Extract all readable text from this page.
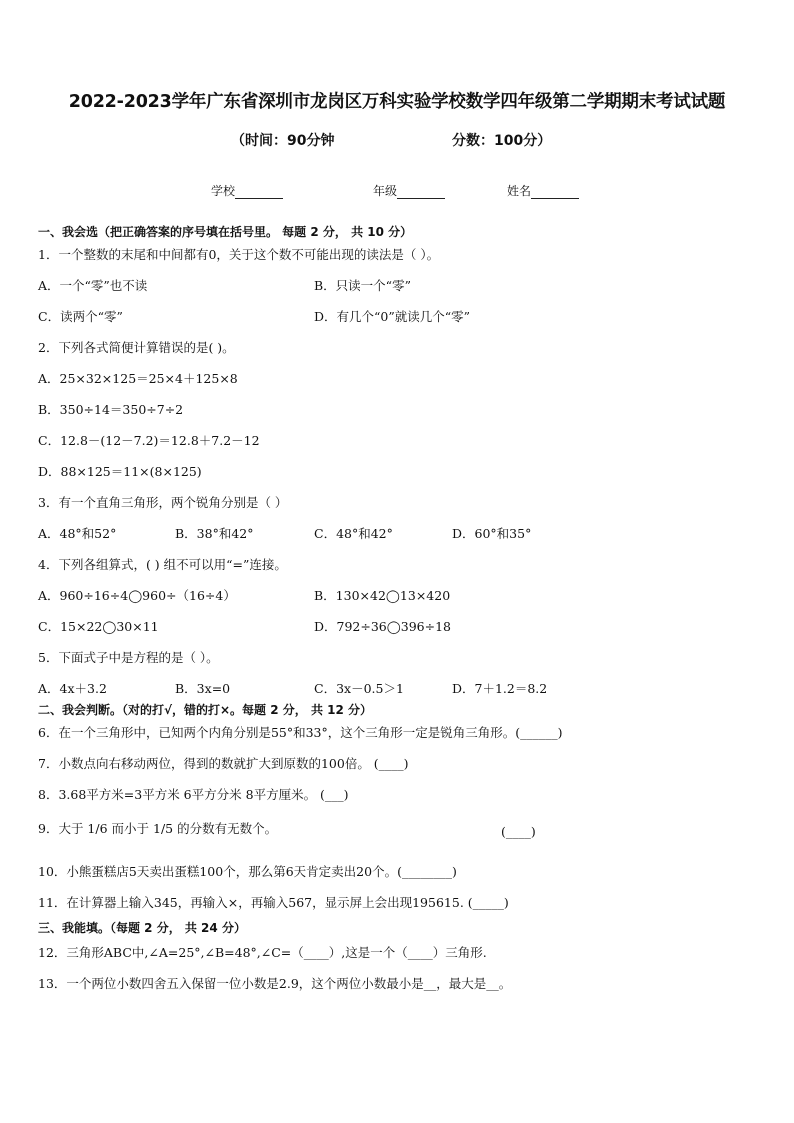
2022-2023学年广东省深圳市龙岗区万科实验学校数学四年级第二学期期末考试试题
（时间：90分钟	分数：100分）
学校	年级	姓名
一、我会选（把正确答案的序号填在括号里。 每题 2 分， 共 10 分）
1．一个整数的末尾和中间都有0，关于这个数不可能出现的读法是（ ）。
A．一个“零”也不读	B．只读一个“零”
C．读两个“零”	D．有几个“0”就读几个“零”
2．下列各式简便计算错误的是( )。
A．25×32×125＝25×4＋125×8
B．350÷14＝350÷7÷2
C．12.8－(12－7.2)＝12.8＋7.2－12
D．88×125＝11×(8×125)
3．有一个直角三角形，两个锐角分别是（ ）
A．48°和52°	B．38°和42°	C．48°和42°	D．60°和35°
4．下列各组算式，( ) 组不可以用“=”连接。
A．960÷16÷4◯960÷（16÷4）	B．130×42◯13×420
C．15×22◯30×11	D．792÷36◯396÷18
5．下面式子中是方程的是（ ）。
A．4x＋3.2	B．3x=0	C．3x－0.5＞1	D．7＋1.2＝8.2
二、我会判断。（对的打√，错的打×。每题 2 分， 共 12 分）
6．在一个三角形中，已知两个内角分别是55°和33°，这个三角形一定是锐角三角形。(______)
7．小数点向右移动两位，得到的数就扩大到原数的100倍。 (____)
8．3.68平方米=3平方米 6平方分米 8平方厘米。 (___)
9．大于 1/6 而小于 1/5 的分数有无数个。	(____)
10．小熊蛋糕店5天卖出蛋糕100个，那么第6天肯定卖出20个。(________)
11．在计算器上输入345，再输入×，再输入567，显示屏上会出现195615. (_____)
三、我能填。（每题 2 分， 共 24 分）
12．三角形ABC中,∠A=25°,∠B=48°,∠C=（____）,这是一个（____）三角形.
13．一个两位小数四舍五入保留一位小数是2.9，这个两位小数最小是__，最大是__。
